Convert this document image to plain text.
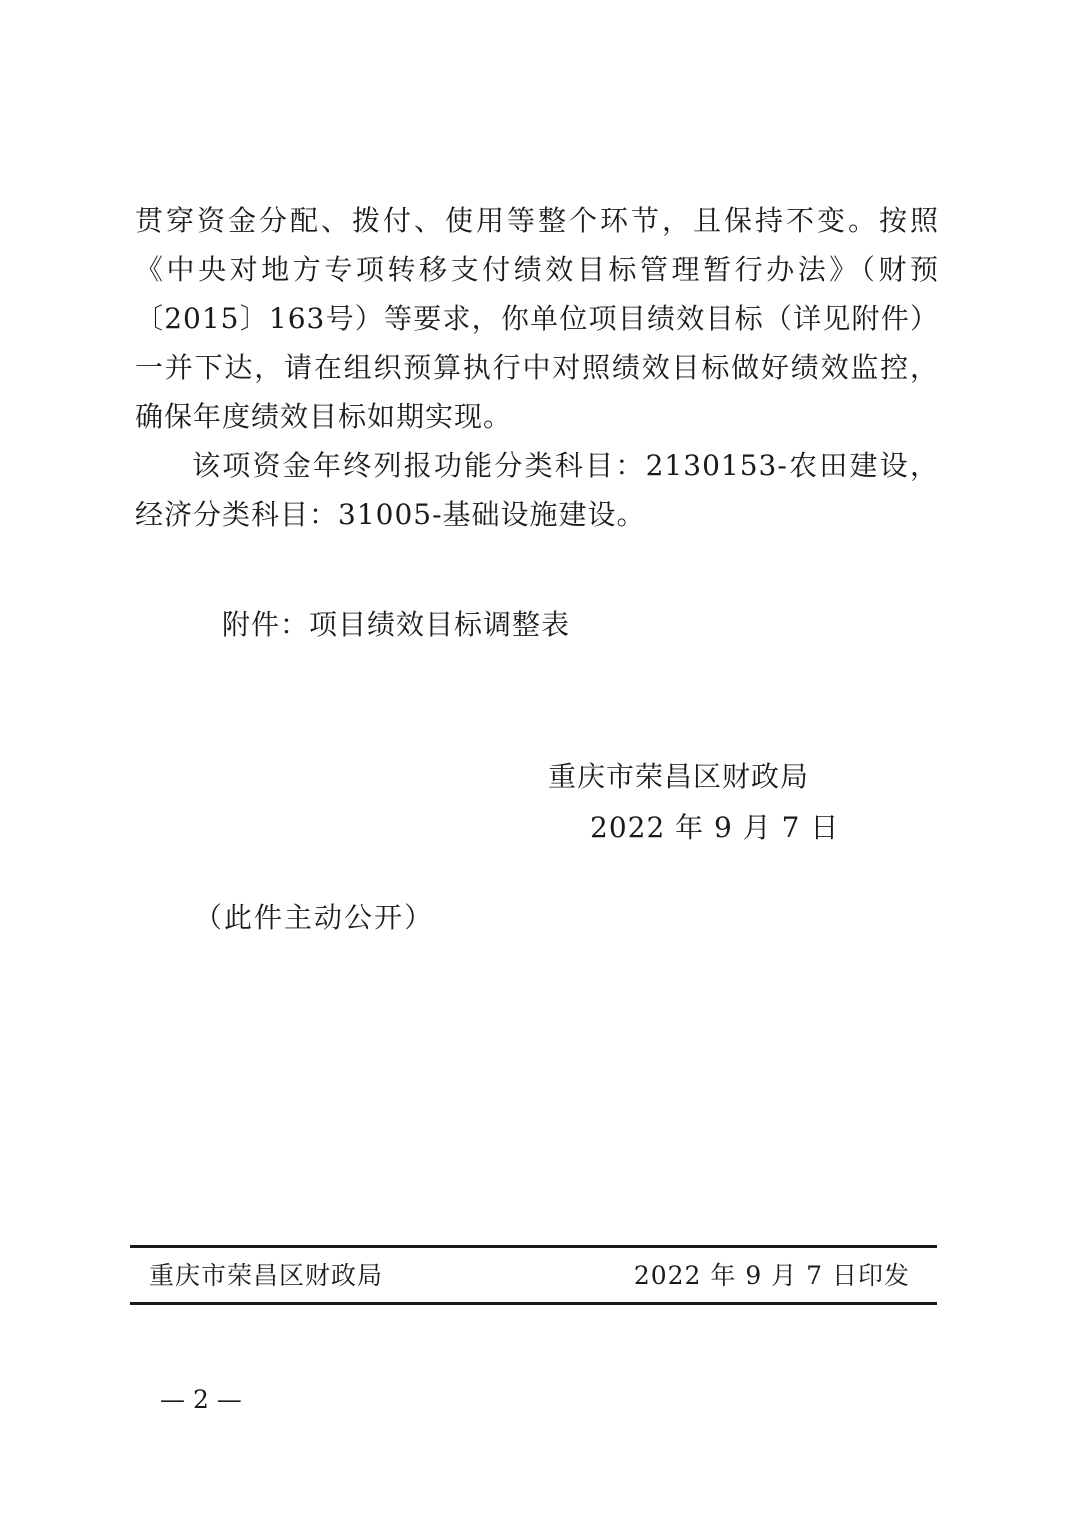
贯穿资金分配、拨付、使用等整个环节，且保持不变。按照《中央对地方专项转移支付绩效目标管理暂行办法》（财预〔2015〕163号）等要求，你单位项目绩效目标（详见附件）一并下达，请在组织预算执行中对照绩效目标做好绩效监控，确保年度绩效目标如期实现。

该项资金年终列报功能分类科目：2130153-农田建设，经济分类科目：31005-基础设施建设。

附件：项目绩效目标调整表
重庆市荣昌区财政局
2022 年 9 月 7 日
（此件主动公开）
重庆市荣昌区财政局	2022 年 9 月 7 日印发
— 2 —
